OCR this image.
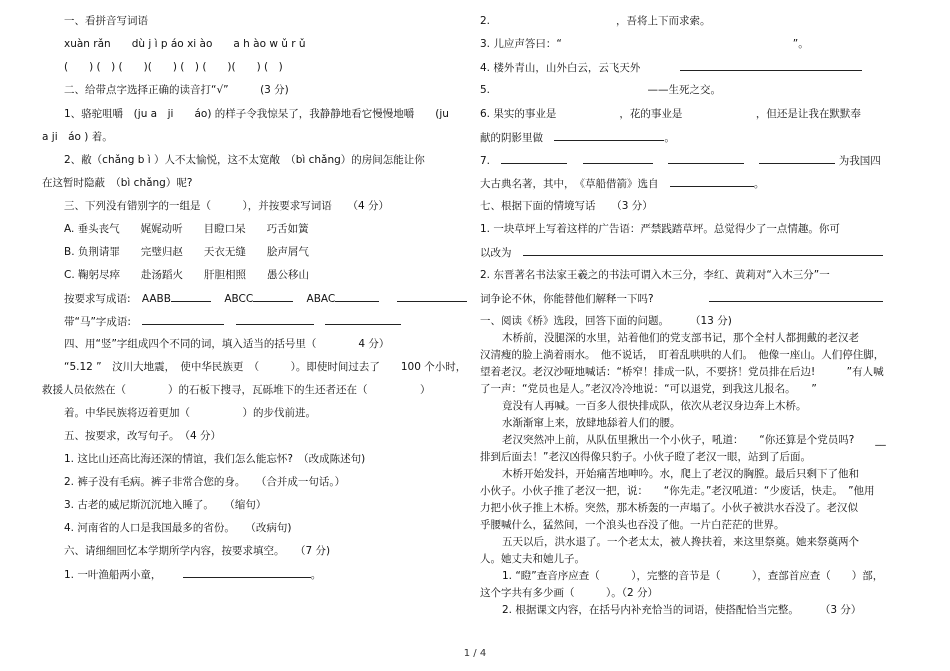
一、看拼音写词语
xuàn rǎn　　dù j ì p áo xi ào　　a h ào w ǔ r ǔ
(　　) (　) (　　)(　　) (　) (　　)(　　) (　)
二、给带点字选择正确的读音打“√”　　　(3 分)
1、骆驼咀嚼　(ju a　ji　　áo) 的样子令我惊呆了，我静静地看它慢慢地嚼　　(ju
a ji　áo ) 着。
2、敝（chǎng b ì ）人不太愉悦，这不太宽敞　（bì chǎng）的房间怎能让你
在这暂时隐蔽　（bì chǎng）呢?
三、下列没有错别字的一组是（　　　），并按要求写词语　　（4 分）
A. 垂头丧气　　娓娓动听　　目瞪口呆　　巧舌如簧
B. 负荆请罪　　完璧归赵　　天衣无缝　　脍声屑气
C. 鞠躬尽瘁　　赴汤蹈火　　肝胆相照　　愚公移山
按要求写成语: AABB	ABCC	ABAC
带“马”字成语:
四、用“竖”字组成四个不同的词，填入适当的括号里（　　　　4 分）
“5.12 ”　汶川大地震，　使中华民族更　（　　　）。即使时间过去了　　100 个小时，
救援人员依然在（　　　　）的石板下搜寻，瓦砾堆下的生还者还在（　　　　　）
着。中华民族将迈着更加（　　　　　）的步伐前进。
五、按要求，改写句子。　（4 分）
1. 这比山还高比海还深的情谊，我们怎么能忘怀?　（改成陈述句)
2. 裤子没有毛病。裤子非常合您的身。　　（合并成一句话。）
3. 古老的威尼斯沉沉地入睡了。　　（缩句）
4. 河南省的人口是我国最多的省份。　　（改病句)
六、请细细回忆本学期所学内容，按要求填空。　　（7 分)
1. 一叶渔船两小童，	。
2.　　　　　　　　　　　　，吾将上下而求索。
3. 儿应声答曰：“　　　　　　　　　　　　　　　　　　　　　　”。
4. 楼外青山，山外白云，云飞天外
5.　　　　　　　　　　　　　　　——生死之交。
6. 果实的事业是　　　　　　，花的事业是　　　　　　　，但还是让我在默默奉
献的阴影里做	。
7.	为我国四
大古典名著，其中，　《草船借箭》选自	。
七、根据下面的情境写话　　（3 分）
1. 一块草坪上写着这样的广告语：严禁践踏草坪。总觉得少了一点情趣。你可
以改为
2. 东晋著名书法家王羲之的书法可谓入木三分，李红、黄莉对“入木三分”一
词争论不休，你能替他们解释一下吗?
一、阅读《桥》选段，回答下面的问题。　　　（13 分)
木桥前，没腿深的水里，站着他们的党支部书记，那个全村人都拥戴的老汉老
汉清瘦的脸上淌着雨水。　他不说话，　盯着乱哄哄的人们。　他像一座山。人们停住脚，
望着老汉。老汉沙哑地喊话：“桥窄！排成一队，不要挤！党员排在后边!　　　”有人喊
了一声：“党员也是人。”老汉冷冷地说：“可以退党，到我这儿报名。　　”
竟没有人再喊。一百多人很快排成队，依次从老汉身边奔上木桥。
水渐渐窜上来，放肆地舔着人们的腰。
老汉突然冲上前，从队伍里揪出一个小伙子，吼道：　　“你还算是个党员吗?　　__
排到后面去！”老汉凶得像只豹子。小伙子瞪了老汉一眼，站到了后面。
木桥开始发抖，开始痛苦地呻吟。水，爬上了老汉的胸膛。最后只剩下了他和
小伙子。小伙子推了老汉一把，说：　　“你先走。”老汉吼道：“少废话，快走。　”他用
力把小伙子推上木桥。突然，那木桥轰的一声塌了。小伙子被洪水吞没了。老汉似
乎腰喊什么，猛然间，一个浪头也吞没了他。一片白茫茫的世界。
五天以后，洪水退了。一个老太太，被人搀扶着，来这里祭奠。她来祭奠两个
人。她丈夫和她儿子。
1. “瞪”查音序应查（　　　），完整的音节是（　　　），查部首应查（　　）部，
这个字共有多少画（　　　）。（2 分）
2. 根据课文内容，在括号内补充恰当的词语，使搭配恰当完整。　　　（3 分）
1 / 4
